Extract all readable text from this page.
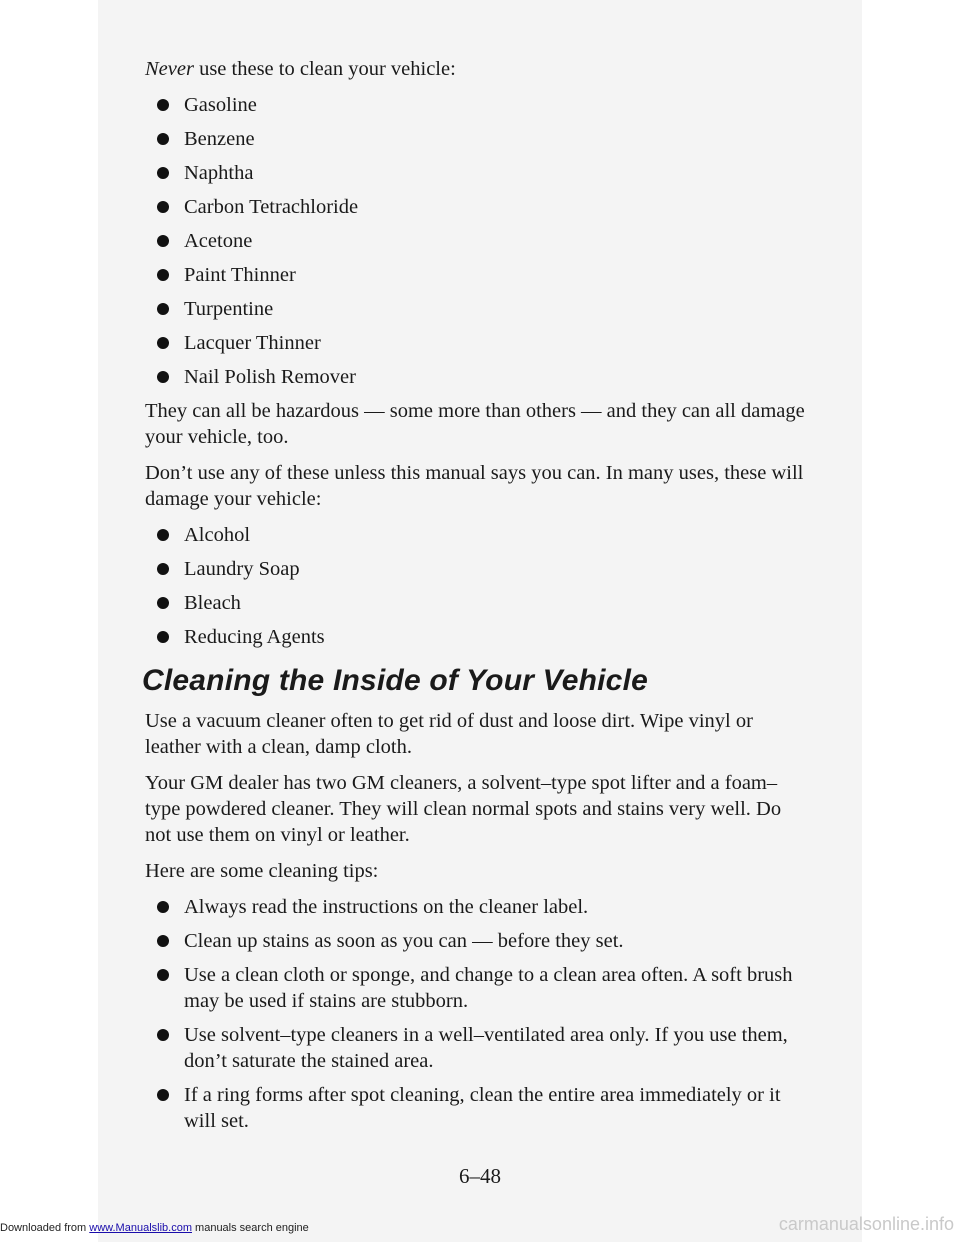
Never use these to clean your vehicle:

Gasoline
Benzene
Naphtha
Carbon Tetrachloride
Acetone
Paint Thinner
Turpentine
Lacquer Thinner
Nail Polish Remover

They can all be hazardous — some more than others — and they can all damage your vehicle, too.

Don’t use any of these unless this manual says you can. In many uses, these will damage your vehicle:

Alcohol
Laundry Soap
Bleach
Reducing Agents
Cleaning the Inside of Your Vehicle

Use a vacuum cleaner often to get rid of dust and loose dirt. Wipe vinyl or leather with a clean, damp cloth.

Your GM dealer has two GM cleaners, a solvent–type spot lifter and a foam–type powdered cleaner. They will clean normal spots and stains very well. Do not use them on vinyl or leather.

Here are some cleaning tips:

Always read the instructions on the cleaner label.
Clean up stains as soon as you can — before they set.
Use a clean cloth or sponge, and change to a clean area often. A soft brush may be used if stains are stubborn.
Use solvent–type cleaners in a well–ventilated area only. If you use them, don’t saturate the stained area.
If a ring forms after spot cleaning, clean the entire area immediately or it will set.
6–48
Downloaded from www.Manualslib.com manuals search engine	carmanualsonline.info
